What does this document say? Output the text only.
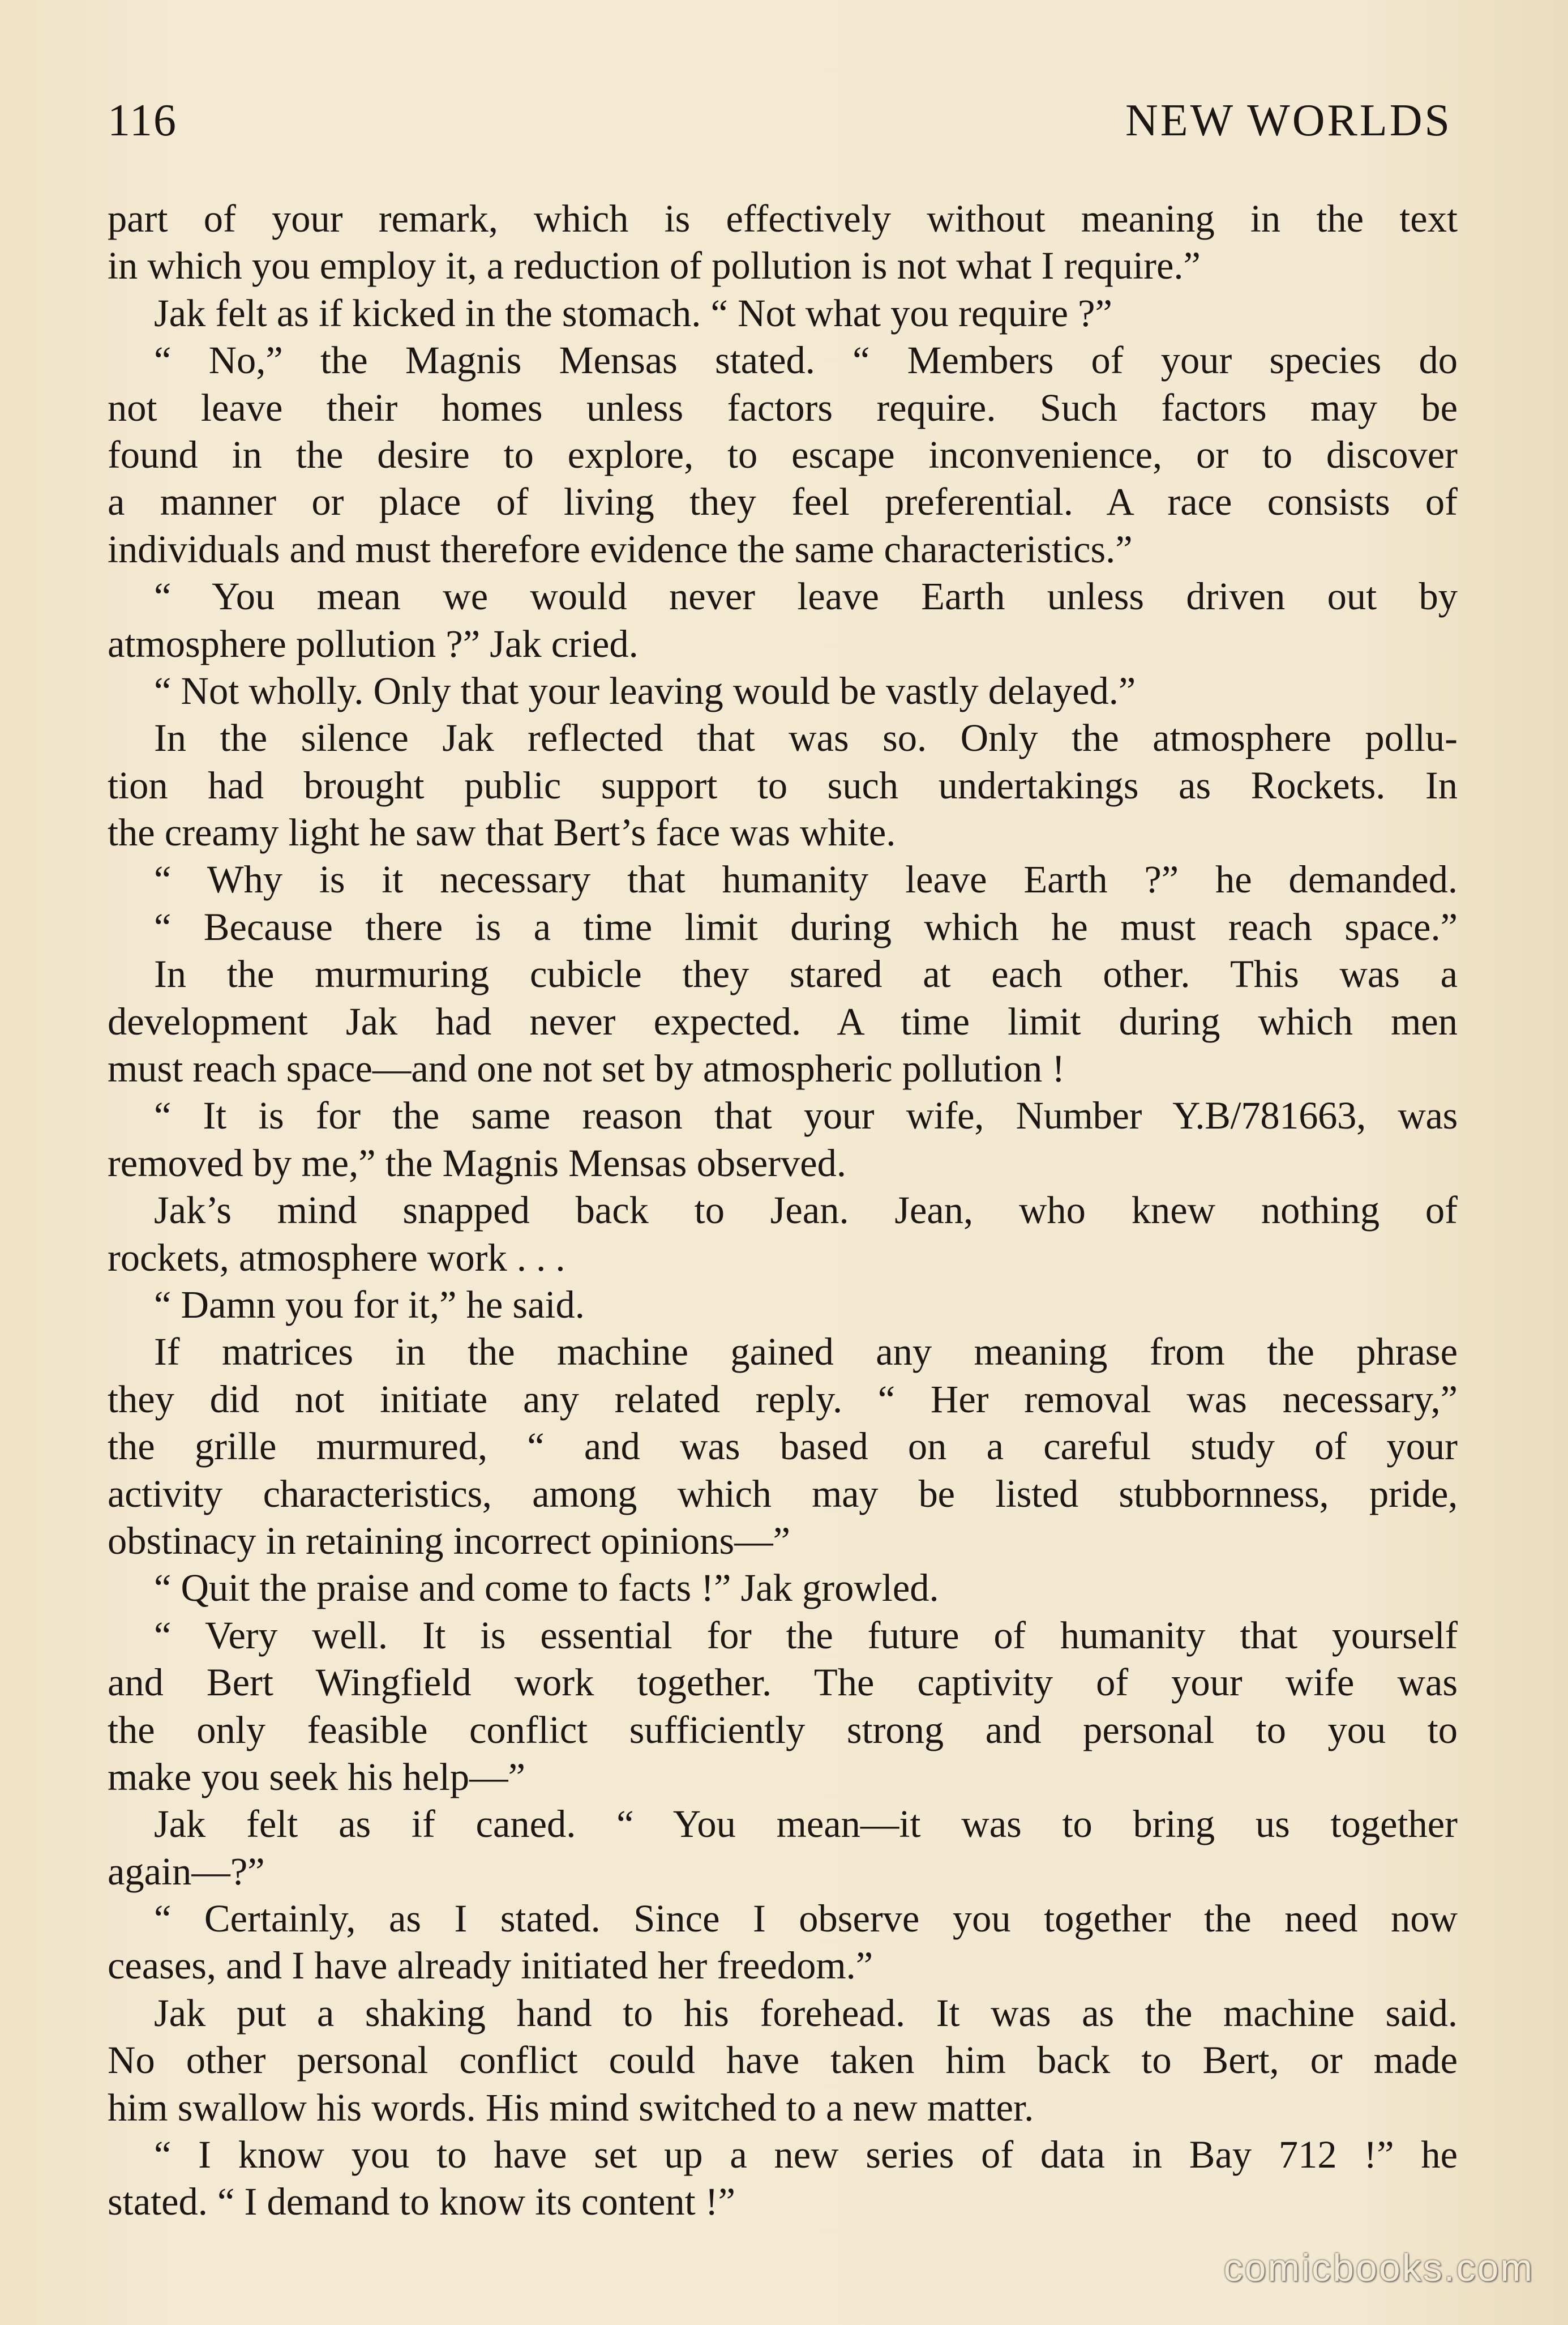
116	NEW WORLDS
part of your remark, which is effectively without meaning in the text
in which you employ it, a reduction of pollution is not what I require.”
Jak felt as if kicked in the stomach. “ Not what you require ?”
“ No,” the Magnis Mensas stated. “ Members of your species do
not leave their homes unless factors require. Such factors may be
found in the desire to explore, to escape inconvenience, or to discover
a manner or place of living they feel preferential. A race consists of
individuals and must therefore evidence the same characteristics.”
“ You mean we would never leave Earth unless driven out by
atmosphere pollution ?” Jak cried.
“ Not wholly. Only that your leaving would be vastly delayed.”
In the silence Jak reflected that was so. Only the atmosphere pollu-
tion had brought public support to such undertakings as Rockets. In
the creamy light he saw that Bert’s face was white.
“ Why is it necessary that humanity leave Earth ?” he demanded.
“ Because there is a time limit during which he must reach space.”
In the murmuring cubicle they stared at each other. This was a
development Jak had never expected. A time limit during which men
must reach space—and one not set by atmospheric pollution !
“ It is for the same reason that your wife, Number Y.B/781663, was
removed by me,” the Magnis Mensas observed.
Jak’s mind snapped back to Jean. Jean, who knew nothing of
rockets, atmosphere work . . .
“ Damn you for it,” he said.
If matrices in the machine gained any meaning from the phrase
they did not initiate any related reply. “ Her removal was necessary,”
the grille murmured, “ and was based on a careful study of your
activity characteristics, among which may be listed stubbornness, pride,
obstinacy in retaining incorrect opinions—”
“ Quit the praise and come to facts !” Jak growled.
“ Very well. It is essential for the future of humanity that yourself
and Bert Wingfield work together. The captivity of your wife was
the only feasible conflict sufficiently strong and personal to you to
make you seek his help—”
Jak felt as if caned. “ You mean—it was to bring us together
again—?”
“ Certainly, as I stated. Since I observe you together the need now
ceases, and I have already initiated her freedom.”
Jak put a shaking hand to his forehead. It was as the machine said.
No other personal conflict could have taken him back to Bert, or made
him swallow his words. His mind switched to a new matter.
“ I know you to have set up a new series of data in Bay 712 !” he
stated. “ I demand to know its content !”
comicbooks.com
